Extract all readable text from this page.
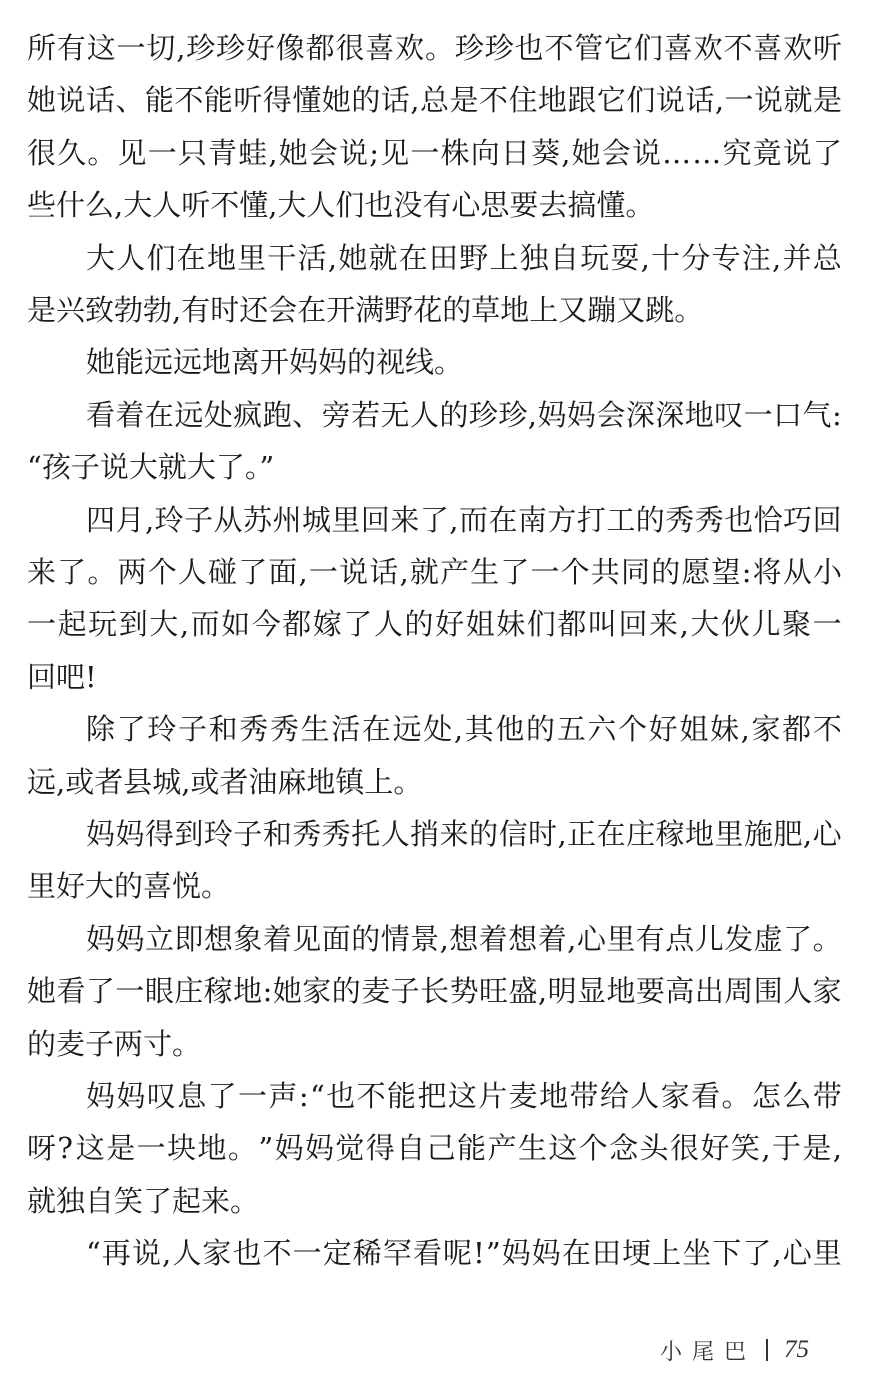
所 有 这 一 切 , 珍 珍 好 像 都 很 喜 欢 。 珍 珍 也 不 管 它 们 喜 欢 不 喜 欢 听
她 说 话 、 能 不 能 听 得 懂 她 的 话 , 总 是 不 住 地 跟 它 们 说 话 , 一 说 就 是
很 久 。 见 一 只 青 蛙 , 她 会 说 ; 见 一 株 向 日 葵 , 她 会 说 … … 究 竟 说 了
些什么,大人听不懂,大人们也没有心思要去搞懂。
大 人 们 在 地 里 干 活 , 她 就 在 田 野 上 独 自 玩 耍 , 十 分 专 注 , 并 总
是兴致勃勃,有时还会在开满野花的草地上又蹦又跳。
她能远远地离开妈妈的视线。
看 着 在 远 处 疯 跑 、 旁 若 无 人 的 珍 珍 , 妈 妈 会 深 深 地 叹 一 口 气 :
“孩子说大就大了。”
四 月 , 玲 子 从 苏 州 城 里 回 来 了 , 而 在 南 方 打 工 的 秀 秀 也 恰 巧 回
来 了 。 两 个 人 碰 了 面 , 一 说 话 , 就 产 生 了 一 个 共 同 的 愿 望 : 将 从 小
一 起 玩 到 大 , 而 如 今 都 嫁 了 人 的 好 姐 妹 们 都 叫 回 来 , 大 伙 儿 聚 一
回吧!
除 了 玲 子 和 秀 秀 生 活 在 远 处 , 其 他 的 五 六 个 好 姐 妹 , 家 都 不
远,或者县城,或者油麻地镇上。
妈 妈 得 到 玲 子 和 秀 秀 托 人 捎 来 的 信 时 , 正 在 庄 稼 地 里 施 肥 , 心
里好大的喜悦。
妈 妈 立 即 想 象 着 见 面 的 情 景 , 想 着 想 着 , 心 里 有 点 儿 发 虚 了 。
她 看 了 一 眼 庄 稼 地 : 她 家 的 麦 子 长 势 旺 盛 , 明 显 地 要 高 出 周 围 人 家
的麦子两寸。
妈 妈 叹 息 了 一 声 : “ 也 不 能 把 这 片 麦 地 带 给 人 家 看 。 怎 么 带
呀 ? 这 是 一 块 地 。 ” 妈 妈 觉 得 自 己 能 产 生 这 个 念 头 很 好 笑 , 于 是 ,
就独自笑了起来。
“ 再 说 , 人 家 也 不 一 定 稀 罕 看 呢 ! ” 妈 妈 在 田 埂 上 坐 下 了 , 心 里
小尾巴 75
